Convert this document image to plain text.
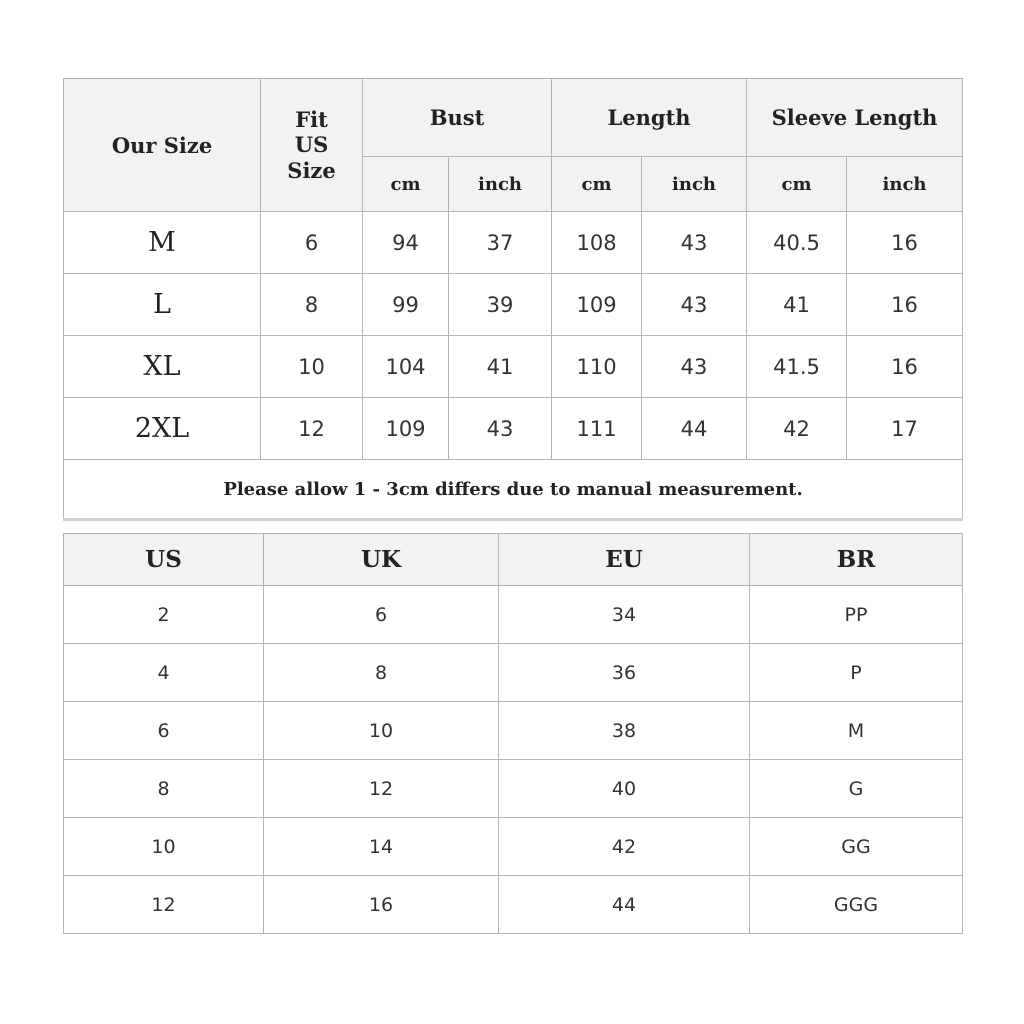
Our Size	Fit US Size	Bust		Length		Sleeve Length	
		cm	inch	cm	inch	cm	inch
M	6	94	37	108	43	40.5	16
L	8	99	39	109	43	41	16
XL	10	104	41	110	43	41.5	16
2XL	12	109	43	111	44	42	17
Please allow 1 - 3cm differs due to manual measurement.							
US	UK	EU	BR
2	6	34	PP
4	8	36	P
6	10	38	M
8	12	40	G
10	14	42	GG
12	16	44	GGG
